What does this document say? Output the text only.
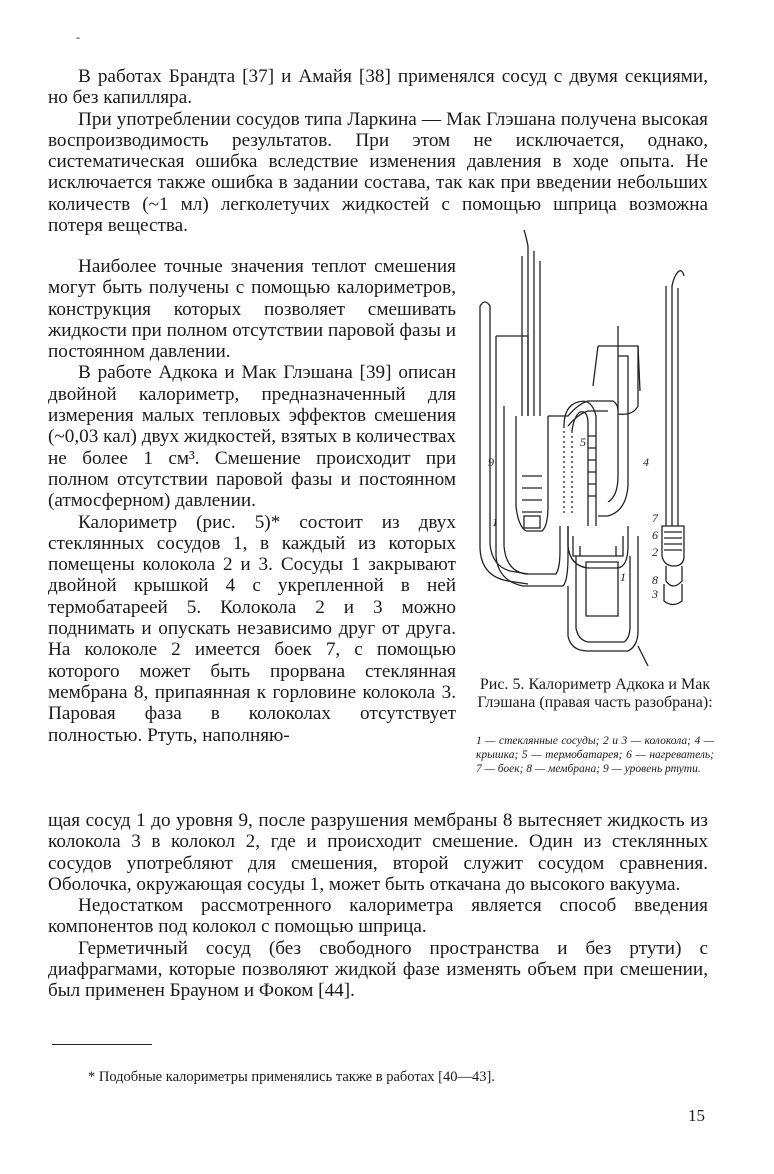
-

В работах Брандта [37] и Амайя [38] применялся сосуд с двумя секциями, но без капилляра.

При употреблении сосудов типа Ларкина — Мак Глэшана получена высокая воспроизводимость результатов. При этом не исключается, однако, систематическая ошибка вследствие изменения давления в ходе опыта. Не исключается также ошибка в задании состава, так как при введении небольших количеств (~1 мл) легколетучих жидкостей с помощью шприца возможна потеря вещества.

Наиболее точные значения теплот смешения могут быть получены с помощью калориметров, конструкция которых позволяет смешивать жидкости при полном отсутствии паровой фазы и постоянном давлении.

В работе Адкока и Мак Глэшана [39] описан двойной калориметр, предназначенный для измерения малых тепловых эффектов смешения (~0,03 кал) двух жидкостей, взятых в количествах не более 1 см³. Смешение происходит при полном отсутствии паровой фазы и постоянном (атмосферном) давлении.

Калориметр (рис. 5)* состоит из двух стеклянных сосудов 1, в каждый из которых помещены колокола 2 и 3. Сосуды 1 закрывают двойной крышкой 4 с укрепленной в ней термобатареей 5. Колокола 2 и 3 можно поднимать и опускать независимо друг от друга. На колоколе 2 имеется боек 7, с помощью которого может быть прорвана стеклянная мембрана 8, припаянная к горловине колокола 3. Паровая фаза в колоколах отсутствует полностью. Ртуть, наполняю-

9
5
4
1
1
7
6
2
8
3
Рис. 5. Калориметр Адкока и Мак Глэшана (правая часть разобрана):
1 — стеклянные сосуды; 2 и 3 — колокола; 4 — крышка; 5 — термобатарея; 6 — нагреватель; 7 — боек; 8 — мембрана; 9 — уровень ртути.

щая сосуд 1 до уровня 9, после разрушения мембраны 8 вытесняет жидкость из колокола 3 в колокол 2, где и происходит смешение. Один из стеклянных сосудов употребляют для смешения, второй служит сосудом сравнения. Оболочка, окружающая сосуды 1, может быть откачана до высокого вакуума.

Недостатком рассмотренного калориметра является способ введения компонентов под колокол с помощью шприца.

Герметичный сосуд (без свободного пространства и без ртути) с диафрагмами, которые позволяют жидкой фазе изменять объем при смешении, был применен Брауном и Фоком [44].

* Подобные калориметры применялись также в работах [40—43].
15
